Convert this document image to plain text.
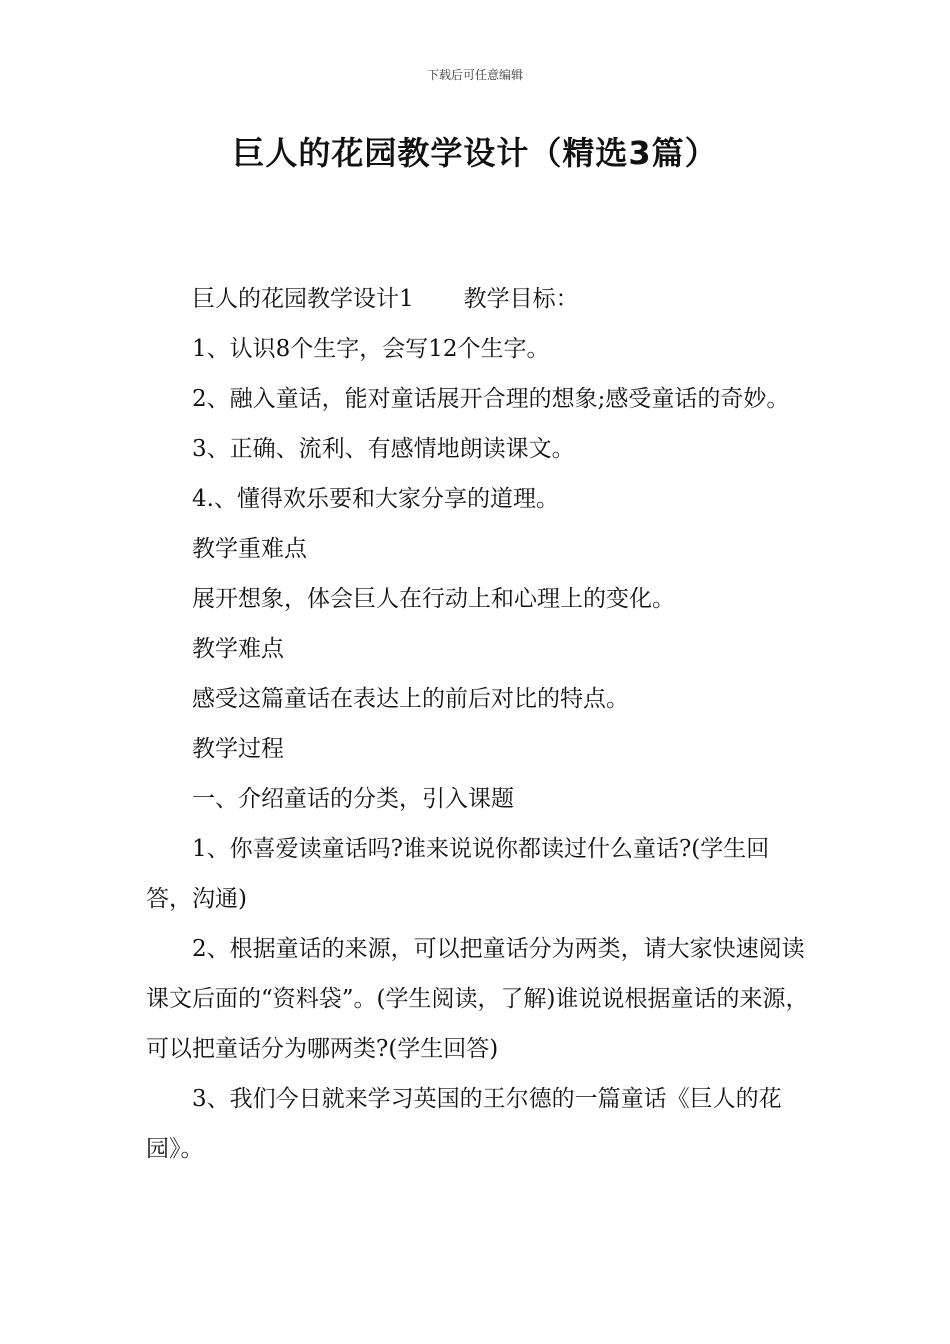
下载后可任意编辑
巨人的花园教学设计（精选3篇）

巨人的花园教学设计1 教学目标：

1、认识8个生字，会写12个生字。

2、融入童话，能对童话展开合理的想象;感受童话的奇妙。

3、正确、流利、有感情地朗读课文。

4.、懂得欢乐要和大家分享的道理。

教学重难点

展开想象，体会巨人在行动上和心理上的变化。

教学难点

感受这篇童话在表达上的前后对比的特点。

教学过程

一、介绍童话的分类，引入课题

1、你喜爱读童话吗?谁来说说你都读过什么童话?(学生回答，沟通)

2、根据童话的来源，可以把童话分为两类，请大家快速阅读课文后面的“资料袋”。(学生阅读，了解)谁说说根据童话的来源，可以把童话分为哪两类?(学生回答)

3、我们今日就来学习英国的王尔德的一篇童话《巨人的花园》。
